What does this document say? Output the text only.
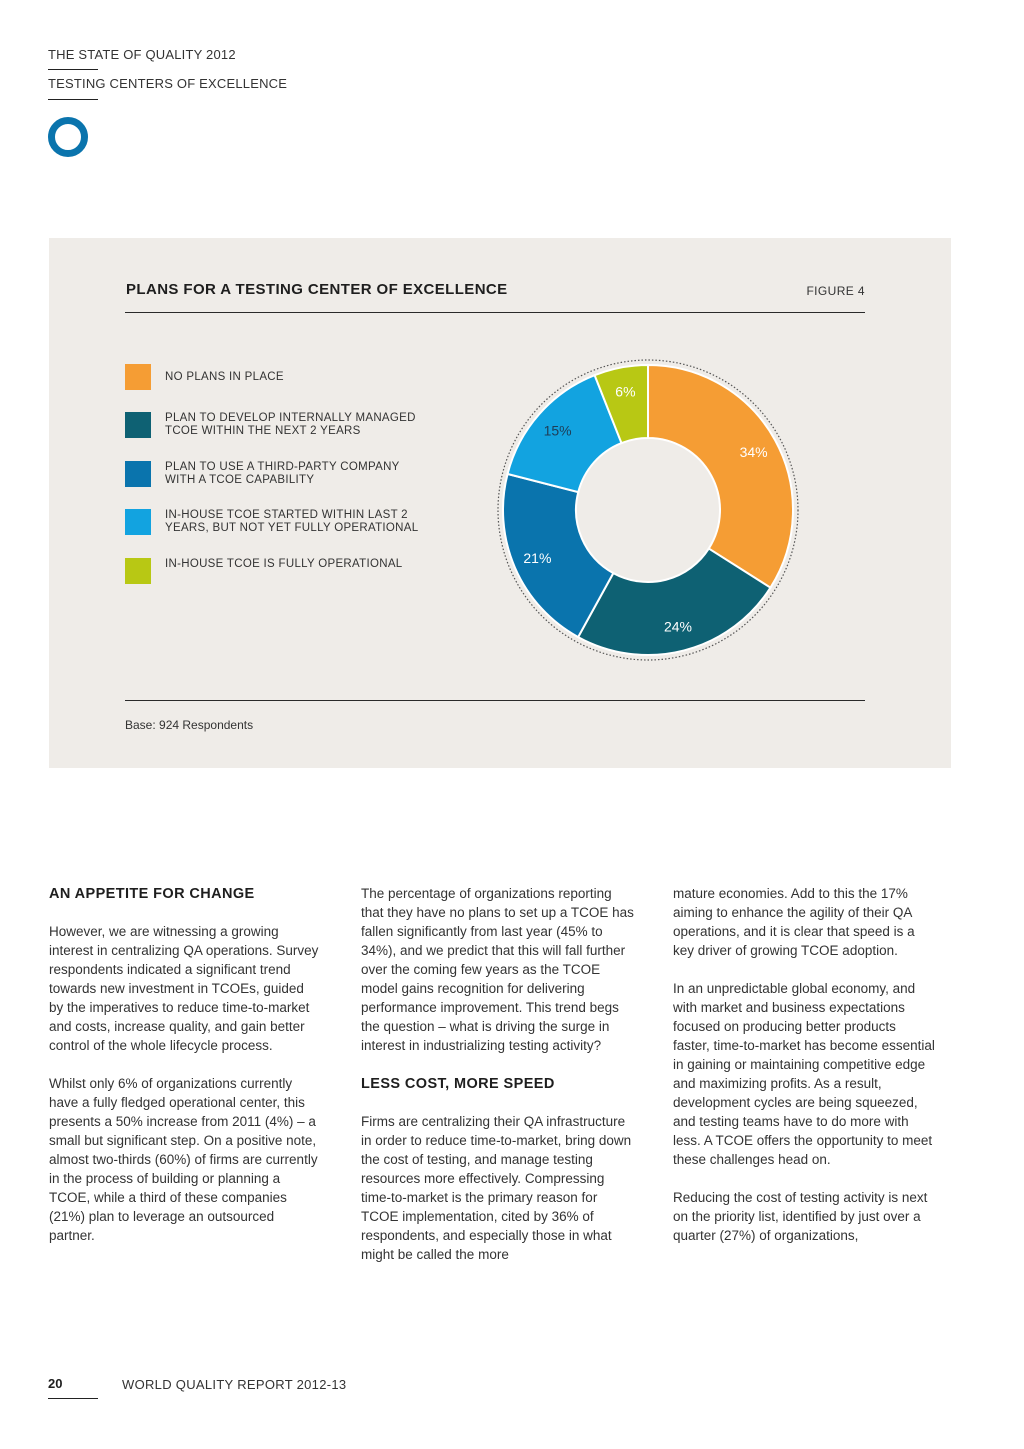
THE STATE OF QUALITY 2012
TESTING CENTERS OF EXCELLENCE
PLANS FOR A TESTING CENTER OF EXCELLENCE	FIGURE 4
NO PLANS IN PLACE
PLAN TO DEVELOP INTERNALLY MANAGED TCOE WITHIN THE NEXT 2 YEARS
PLAN TO USE A THIRD-PARTY COMPANY WITH A TCOE CAPABILITY
IN-HOUSE TCOE STARTED WITHIN LAST 2 YEARS, BUT NOT YET FULLY OPERATIONAL
IN-HOUSE TCOE IS FULLY OPERATIONAL
34%
24%
21%
15%
6%
Base: 924 Respondents
AN APPETITE FOR CHANGE

However, we are witnessing a growing interest in centralizing QA operations. Survey respondents indicated a significant trend towards new investment in TCOEs, guided by the imperatives to reduce time-to-market and costs, increase quality, and gain better control of the whole lifecycle process.

Whilst only 6% of organizations currently have a fully fledged operational center, this presents a 50% increase from 2011 (4%) – a small but significant step. On a positive note, almost two-thirds (60%) of firms are currently in the process of building or planning a TCOE, while a third of these companies (21%) plan to leverage an outsourced partner.

The percentage of organizations reporting that they have no plans to set up a TCOE has fallen significantly from last year (45% to 34%), and we predict that this will fall further over the coming few years as the TCOE model gains recognition for delivering performance improvement. This trend begs the question – what is driving the surge in interest in industrializing testing activity?

LESS COST, MORE SPEED

Firms are centralizing their QA infrastructure in order to reduce time-to-market, bring down the cost of testing, and manage testing resources more effectively. Compressing time-to-market is the primary reason for TCOE implementation, cited by 36% of respondents, and especially those in what might be called the more

mature economies. Add to this the 17% aiming to enhance the agility of their QA operations, and it is clear that speed is a key driver of growing TCOE adoption.

In an unpredictable global economy, and with market and business expectations focused on producing better products faster, time-to-market has become essential in gaining or maintaining competitive edge and maximizing profits. As a result, development cycles are being squeezed, and testing teams have to do more with less. A TCOE offers the opportunity to meet these challenges head on.

Reducing the cost of testing activity is next on the priority list, identified by just over a quarter (27%) of organizations,

20	WORLD QUALITY REPORT 2012-13
